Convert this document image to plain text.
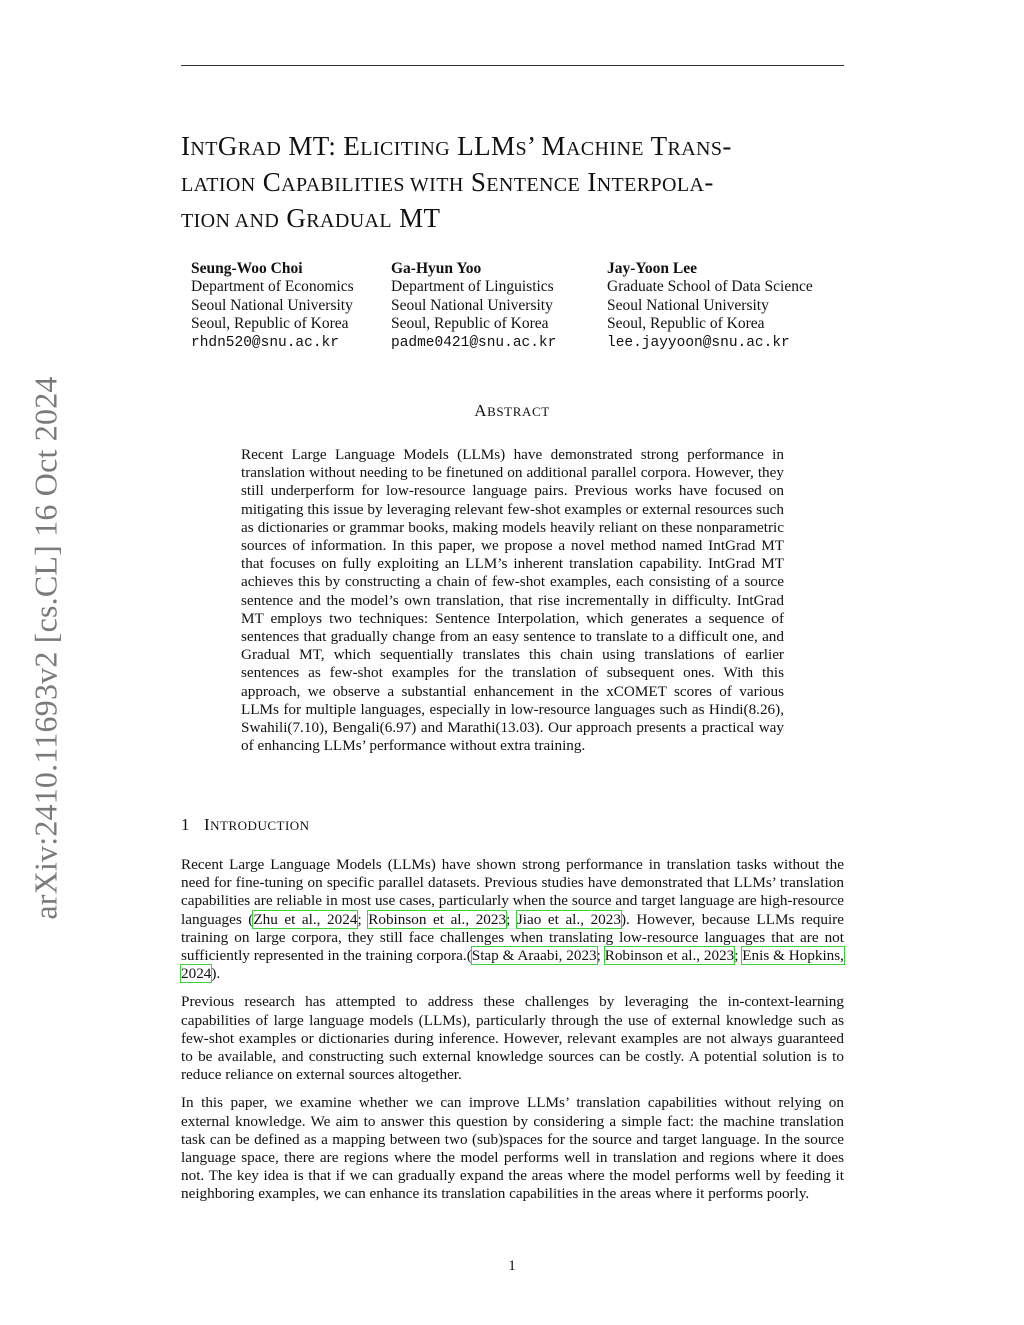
arXiv:2410.11693v2 [cs.CL] 16 Oct 2024
INTGRAD MT: ELICITING LLMS’ MACHINE TRANS-
LATION CAPABILITIES WITH SENTENCE INTERPOLA-
TION AND GRADUAL MT
Seung-Woo Choi
Department of Economics
Seoul National University
Seoul, Republic of Korea
rhdn520@snu.ac.kr
Ga-Hyun Yoo
Department of Linguistics
Seoul National University
Seoul, Republic of Korea
padme0421@snu.ac.kr
Jay-Yoon Lee
Graduate School of Data Science
Seoul National University
Seoul, Republic of Korea
lee.jayyoon@snu.ac.kr
ABSTRACT

Recent Large Language Models (LLMs) have demonstrated strong performance in translation without needing to be finetuned on additional parallel corpora. However, they still underperform for low-resource language pairs. Previous works have focused on mitigating this issue by leveraging relevant few-shot examples or external resources such as dictionaries or grammar books, making models heavily reliant on these nonparametric sources of information. In this paper, we propose a novel method named IntGrad MT that focuses on fully exploiting an LLM’s inherent translation capability. IntGrad MT achieves this by constructing a chain of few-shot examples, each consisting of a source sentence and the model’s own translation, that rise incrementally in difficulty. IntGrad MT employs two techniques: Sentence Interpolation, which generates a sequence of sentences that gradually change from an easy sentence to translate to a difficult one, and Gradual MT, which sequentially translates this chain using translations of earlier sentences as few-shot examples for the translation of subsequent ones. With this approach, we observe a substantial enhancement in the xCOMET scores of various LLMs for multiple languages, especially in low-resource languages such as Hindi(8.26), Swahili(7.10), Bengali(6.97) and Marathi(13.03). Our approach presents a practical way of enhancing LLMs’ performance without extra training.

1 INTRODUCTION

Recent Large Language Models (LLMs) have shown strong performance in translation tasks without the need for fine-tuning on specific parallel datasets. Previous studies have demonstrated that LLMs’ translation capabilities are reliable in most use cases, particularly when the source and target language are high-resource languages (Zhu et al., 2024; Robinson et al., 2023; Jiao et al., 2023). However, because LLMs require training on large corpora, they still face challenges when translating low-resource languages that are not sufficiently represented in the training corpora.(Stap & Araabi, 2023; Robinson et al., 2023; Enis & Hopkins, 2024).

Previous research has attempted to address these challenges by leveraging the in-context-learning capabilities of large language models (LLMs), particularly through the use of external knowledge such as few-shot examples or dictionaries during inference. However, relevant examples are not always guaranteed to be available, and constructing such external knowledge sources can be costly. A potential solution is to reduce reliance on external sources altogether.

In this paper, we examine whether we can improve LLMs’ translation capabilities without relying on external knowledge. We aim to answer this question by considering a simple fact: the machine translation task can be defined as a mapping between two (sub)spaces for the source and target language. In the source language space, there are regions where the model performs well in translation and regions where it does not. The key idea is that if we can gradually expand the areas where the model performs well by feeding it neighboring examples, we can enhance its translation capabilities in the areas where it performs poorly.

1
